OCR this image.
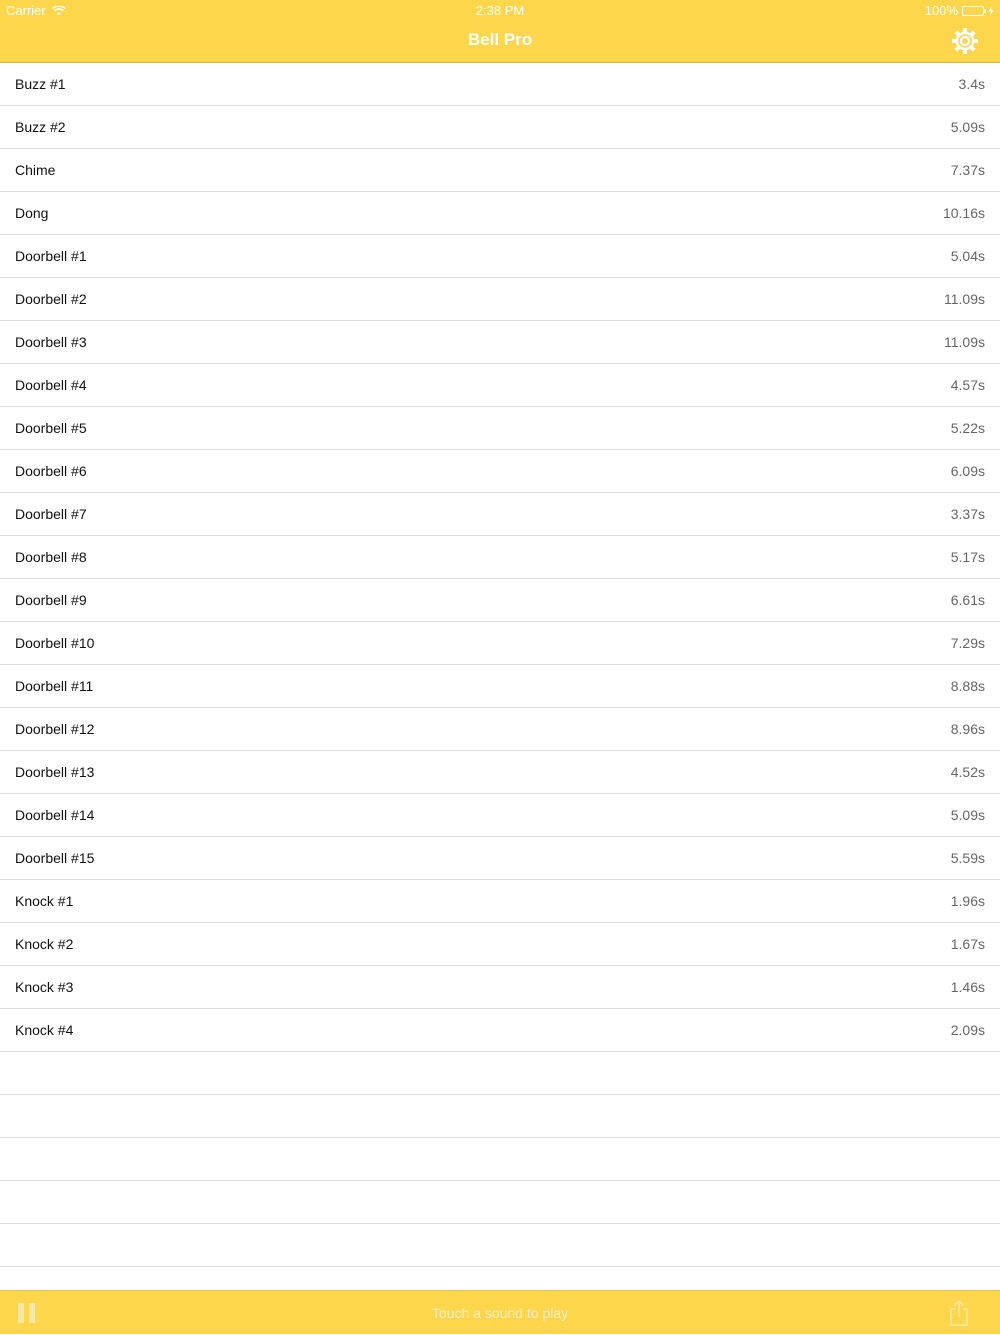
Carrier	2:38 PM	100%
Bell Pro
Buzz #1	3.4s
Buzz #2	5.09s
Chime	7.37s
Dong	10.16s
Doorbell #1	5.04s
Doorbell #2	11.09s
Doorbell #3	11.09s
Doorbell #4	4.57s
Doorbell #5	5.22s
Doorbell #6	6.09s
Doorbell #7	3.37s
Doorbell #8	5.17s
Doorbell #9	6.61s
Doorbell #10	7.29s
Doorbell #11	8.88s
Doorbell #12	8.96s
Doorbell #13	4.52s
Doorbell #14	5.09s
Doorbell #15	5.59s
Knock #1	1.96s
Knock #2	1.67s
Knock #3	1.46s
Knock #4	2.09s
Touch a sound to play
